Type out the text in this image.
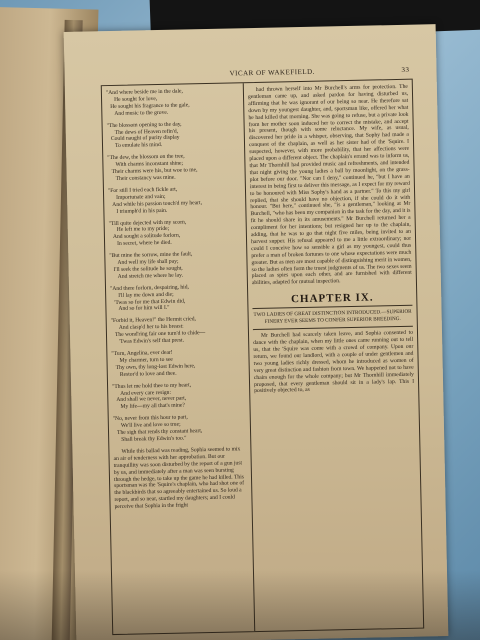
VICAR OF WAKEFIELD.	33
"And where beside me in the dale,
He sought for love,
He sought his fragrance to the gale,
And music to the grove.
"The blossom opening to the day,
The dews of Heaven refin'd,
Could naught of purity display
To emulate his mind.
"The dew, the blossom on the tree,
With charms inconstant shine;
Their charms were his, but woe to me,
Their constancy was mine.
"For still I tried each fickle art,
Importunate and vain;
And while his passion touch'd my heart,
I triumph'd in his pain.
"Till quite dejected with my scorn,
He left me to my pride;
And sought a solitude forlorn,
In secret, where he died.
"But mine the sorrow, mine the fault,
And well my life shall pay;
I'll seek the solitude he sought,
And stretch me where he lay.
"And there forlorn, despairing, hid,
I'll lay me down and die;
'Twas so for me that Edwin did,
And so for him will I."
"Forbid it, Heaven!" the Hermit cried,
And clasp'd her to his breast:
The wond'ring fair one turn'd to chide—
'Twas Edwin's self that prest.
"Turn, Angelina, ever dear!
My charmer, turn to see
Thy own, thy long-lost Edwin here,
Restor'd to love and thee.
"Thus let me hold thee to my heart,
And every care resign:
And shall we never, never part,
My life—my all that's mine?
"No, never from this hour to part,
We'll live and love so true;
The sigh that rends thy constant heart,
Shall break thy Edwin's too."
While this ballad was reading, Sophia seemed to mix an air of tenderness with her approbation. But our tranquillity was soon disturbed by the report of a gun just by us, and immediately after a man was seen bursting through the hedge, to take up the game he had killed. This sportsman was the 'Squire's chaplain, who had shot one of the blackbirds that so agreeably entertained us. So loud a report, and so near, startled my daughters; and I could perceive that Sophia in the fright
had thrown herself into Mr Burchell's arms for protection. The gentleman came up, and asked pardon for having disturbed us, affirming that he was ignorant of our being so near. He therefore sat down by my youngest daughter, and, sportsman like, offered her what he had killed that morning. She was going to refuse, but a private look from her mother soon induced her to correct the mistake, and accept his present, though with some reluctance. My wife, as usual, discovered her pride in a whisper, observing, that Sophy had made a conquest of the chaplain, as well as her sister had of the 'Squire. I suspected, however, with more probability, that her affections were placed upon a different object. The chaplain's errand was to inform us, that Mr Thornhill had provided music and refreshments, and intended that night giving the young ladies a ball by moonlight, on the grass-plot before our door. "Nor can I deny," continued he, "but I have an interest in being first to deliver this message, as I expect for my reward to be honoured with Miss Sophy's hand as a partner." To this my girl replied, that she should have no objection, if she could do it with honour. "But here," continued she, "is a gentleman," looking at Mr Burchell, "who has been my companion in the task for the day, and it is fit he should share in its amusements." Mr Burchell returned her a compliment for her intentions; but resigned her up to the chaplain, adding, that he was to go that night five miles, being invited to an harvest supper. His refusal appeared to me a little extraordinary; nor could I conceive how so sensible a girl as my youngest, could thus prefer a man of broken fortunes to one whose expectations were much greater. But as men are most capable of distinguishing merit in women, so the ladies often form the truest judgments of us. The two sexes seem placed as spies upon each other, and are furnished with different abilities, adapted for mutual inspection.
CHAPTER IX.
TWO LADIES OF GREAT DISTINCTION INTRODUCED.—SUPERIOR FINERY EVER SEEMS TO CONFER SUPERIOR BREEDING.
Mr Burchell had scarcely taken leave, and Sophia consented to dance with the chaplain, when my little ones came running out to tell us, that the 'Squire was come with a crowd of company. Upon our return, we found our landlord, with a couple of under gentlemen and two young ladies richly dressed, whom he introduced as women of very great distinction and fashion from town. We happened not to have chairs enough for the whole company; but Mr Thornhill immediately proposed, that every gentleman should sit in a lady's lap. This I positively objected to, as
